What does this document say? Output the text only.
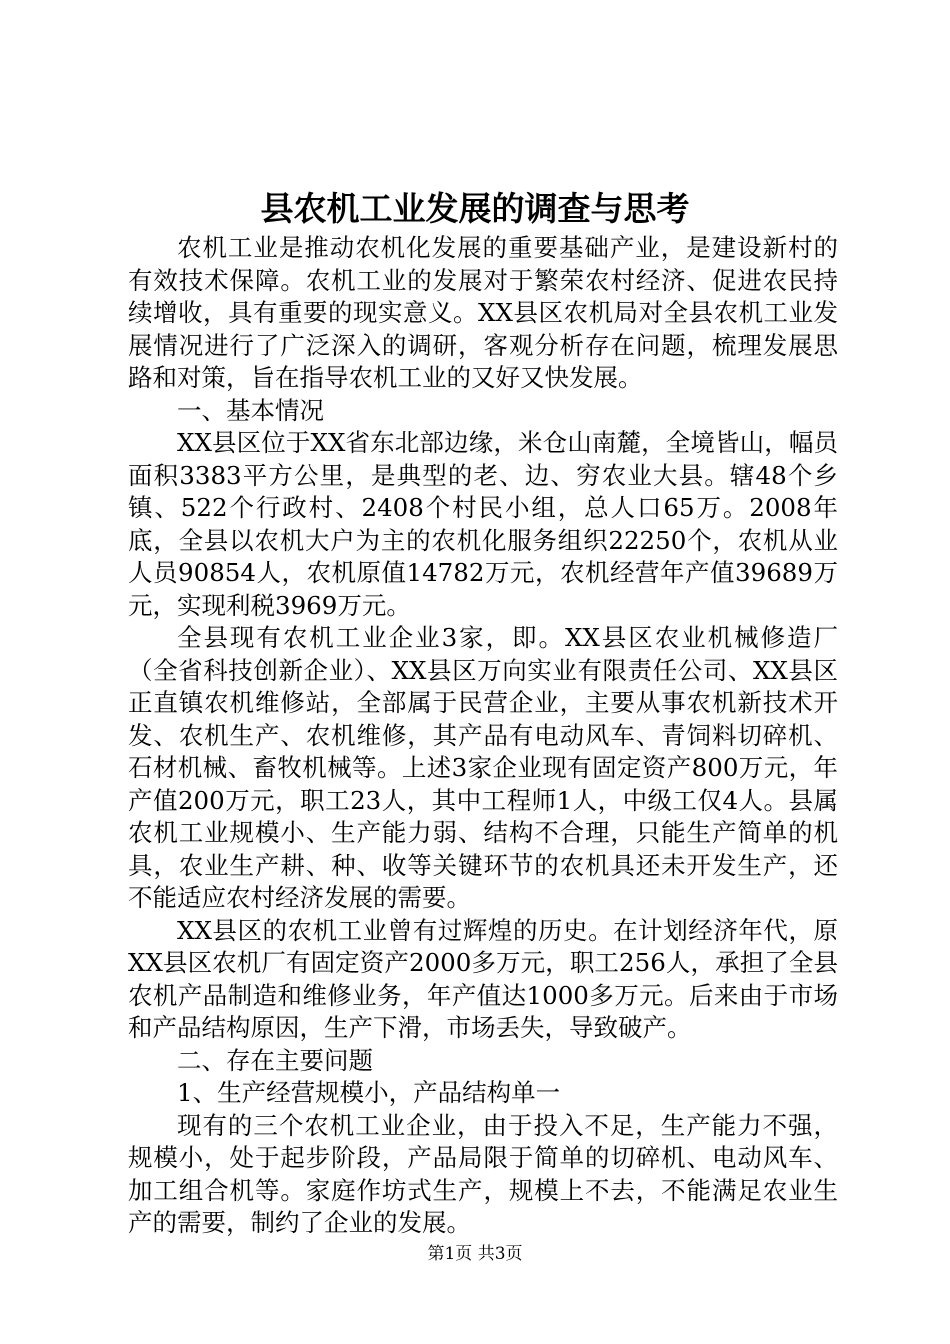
县农机工业发展的调查与思考

农机工业是推动农机化发展的重要基础产业，是建设新村的有效技术保障。农机工业的发展对于繁荣农村经济、促进农民持续增收，具有重要的现实意义。XX县区农机局对全县农机工业发展情况进行了广泛深入的调研，客观分析存在问题，梳理发展思路和对策，旨在指导农机工业的又好又快发展。

一、基本情况

XX县区位于XX省东北部边缘，米仓山南麓，全境皆山，幅员面积3383平方公里，是典型的老、边、穷农业大县。辖48个乡镇、522个行政村、2408个村民小组，总人口65万。2008年底，全县以农机大户为主的农机化服务组织22250个，农机从业人员90854人，农机原值14782万元，农机经营年产值39689万元，实现利税3969万元。

全县现有农机工业企业3家，即。XX县区农业机械修造厂（全省科技创新企业）、XX县区万向实业有限责任公司、XX县区正直镇农机维修站，全部属于民营企业，主要从事农机新技术开发、农机生产、农机维修，其产品有电动风车、青饲料切碎机、石材机械、畜牧机械等。上述3家企业现有固定资产800万元，年产值200万元，职工23人，其中工程师1人，中级工仅4人。县属农机工业规模小、生产能力弱、结构不合理，只能生产简单的机具，农业生产耕、种、收等关键环节的农机具还未开发生产，还不能适应农村经济发展的需要。

XX县区的农机工业曾有过辉煌的历史。在计划经济年代，原XX县区农机厂有固定资产2000多万元，职工256人，承担了全县农机产品制造和维修业务，年产值达1000多万元。后来由于市场和产品结构原因，生产下滑，市场丢失，导致破产。

二、存在主要问题

1、生产经营规模小，产品结构单一

现有的三个农机工业企业，由于投入不足，生产能力不强，规模小，处于起步阶段，产品局限于简单的切碎机、电动风车、加工组合机等。家庭作坊式生产，规模上不去，不能满足农业生产的需要，制约了企业的发展。

第1页 共3页
